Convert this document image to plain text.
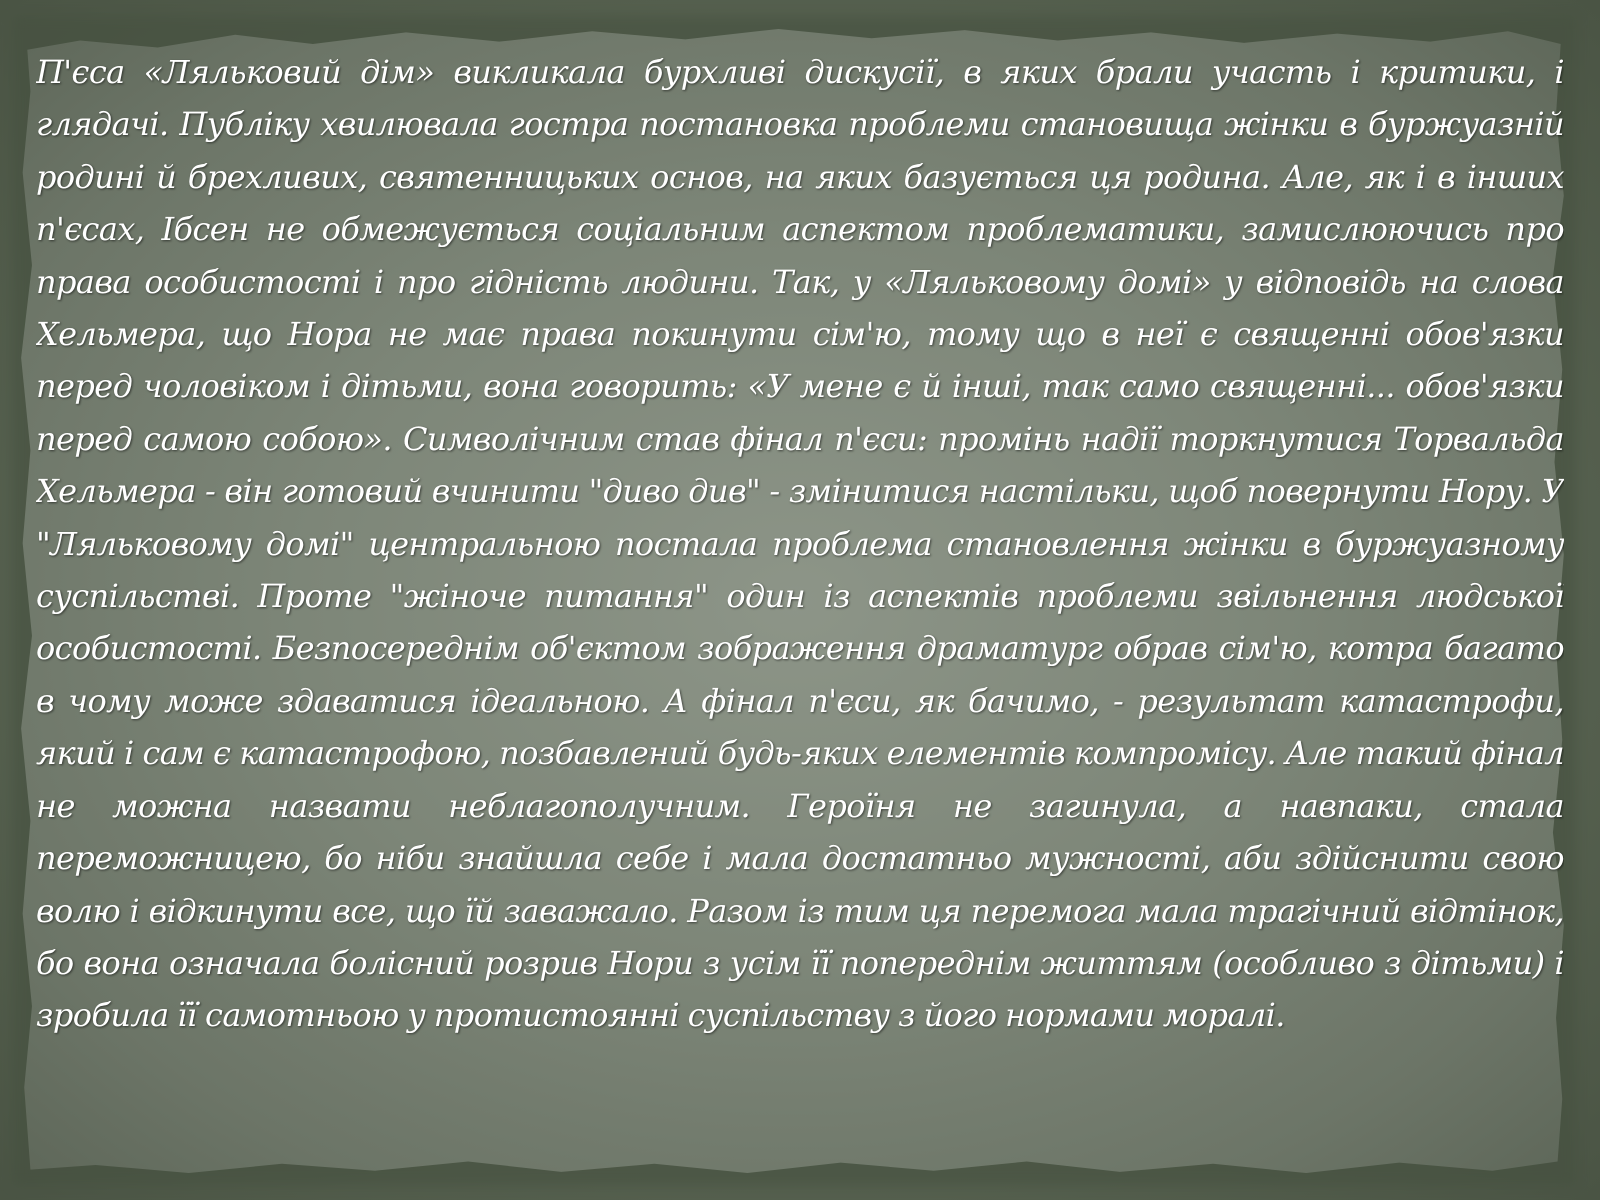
П'єса «Ляльковий дім» викликала бурхливі дискусії, в яких брали участь і критики, і глядачі. Публіку хвилювала гостра постановка проблеми становища жінки в буржуазній родині й брехливих, святенницьких основ, на яких базується ця родина. Але, як і в інших п'єсах, Ібсен не обмежується соціальним аспектом проблематики, замислюючись про права особистості і про гідність людини. Так, у «Ляльковому домі» у відповідь на слова Хельмера, що Нора не має права покинути сім'ю, тому що в неї є священні обов'язки перед чоловіком і дітьми, вона говорить: «У мене є й інші, так само священні... обов'язки перед самою собою». Символічним став фінал п'єси: промінь надії торкнутися Торвальда Хельмера - він готовий вчинити "диво див" - змінитися настільки, щоб повернути Нору. У "Ляльковому домі" центральною постала проблема становлення жінки в буржуазному суспільстві. Проте "жіноче питання" один із аспектів проблеми звільнення людської особистості. Безпосереднім об'єктом зображення драматург обрав сім'ю, котра багато в чому може здаватися ідеальною. А фінал п'єси, як бачимо, - результат катастрофи, який і сам є катастрофою, позбавлений будь-яких елементів компромісу. Але такий фінал не можна назвати неблагополучним. Героїня не загинула, а навпаки, стала переможницею, бо ніби знайшла себе і мала достатньо мужності, аби здійснити свою волю і відкинути все, що їй заважало. Разом із тим ця перемога мала трагічний відтінок, бо вона означала болісний розрив Нори з усім її попереднім життям (особливо з дітьми) і зробила її самотньою у протистоянні суспільству з його нормами моралі.
